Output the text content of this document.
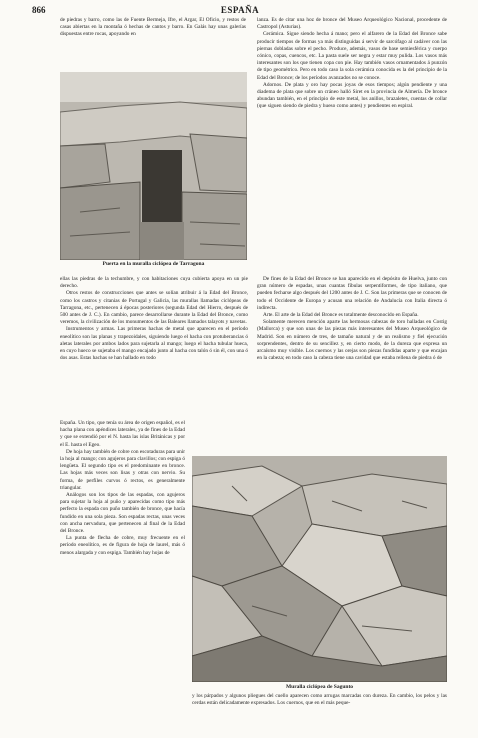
866	ESPAÑA

de piedras y barro, como las de Fuente Bermeja, Ifre, el Argar, El Oficio, y restos de casas abiertas en la montaña ó hechas de cantos y barro. En Galás hay unas galerías dispuestas entre rocas, apoyando en

Puerta en la muralla ciclópea de Tarragona

lanza. Es de citar una hoz de bronce del Museo Arqueológico Nacional, procedente de Castropol (Asturias).

Cerámica. Sigue siendo hecha á mano; pero el alfarero de la Edad del Bronce sabe producir tiempos de formas ya más distinguidas á servir de sarcófago al cadáver con las piernas dobladas sobre el pecho. Produce, además, vasos de base semiesférica y cuerpo cónico, copas, cuencos, etc. La pasta suele ser negra y estar muy pulida. Los vasos más interesantes son los que tienen copa con pie. Hay también vasos ornamentados á punzón de tipo geométrico. Pero en todo caso la sola cerámica conocida es la del principio de la Edad del Bronce; de los períodos avanzados no se conoce.

Adornos. De plata y oro hay pocas joyas de esos tiempos; algún pendiente y una diadema de plata que sobre un cráneo halló Siret en la provincia de Almería. De bronce abundan también, en el principio de este metal, los anillos, brazaletes, cuentas de collar (que siguen siendo de piedra y hueso como antes) y pendientes en espiral.

ellas las piedras de la techumbre, y con habitaciones cuya cubierta apoya en un pie derecho.

Otros restos de construcciones que antes se solían atribuir á la Edad del Bronce, como los castros y citanias de Portugal y Galicia, las murallas llamadas ciclópeas de Tarragona, etc., pertenecen á épocas posteriores (segunda Edad del Hierro, después de 500 antes de J. C.). En cambio, parece desarrollarse durante la Edad del Bronce, como veremos, la civilización de los monumentos de las Baleares llamados talayots y navetas.

Instrumentos y armas. Las primeras hachas de metal que aparecen en el período eneolítico son las planas y trapezoidales, siguiendo luego el hacha con protuberancias ó aletas laterales por ambos lados para sujetarla al mango; luego el hacha tubular hueca, en cuyo hueco se sujetaba el mango encajado junto al hacha con talón ó sin él, con una ó dos asas. Estas hachas se han hallado en todo

De fines de la Edad del Bronce se han aparecido en el depósito de Huelva, junto con gran número de espadas, unas cuantas fíbulas serpentiformes, de tipo italiano, que pueden fecharse algo después del 1200 antes de J. C. Son las primeras que se conocen de todo el Occidente de Europa y acusan una relación de Andalucía con Italia directa ó indirecta.

Arte. El arte de la Edad del Bronce es totalmente desconocido en España.

Solamente merecen mención aparte las hermosas cabezas de toro halladas en Costig (Mallorca) y que son unas de las piezas más interesantes del Museo Arqueológico de Madrid. Son en número de tres, de tamaño natural y de un realismo y fiel ejecución sorprendentes, dentro de su sencillez y, en cierto modo, de la dureza que expresa un arcaísmo muy visible. Los cuernos y las orejas son piezas fundidas aparte y que encajan en la cabeza; en todo caso la cabeza tiene una cavidad que estaba rellena de piedra ó de

España. Un tipo, que tenía su área de origen español, es el hacha plana con apéndices laterales, ya de fines de la Edad y que se extendió por el N. hasta las islas Británicas y por el E. hasta el Egeo.

De hoja hay también de cobre con escotaduras para unir la hoja al mango; con agujeros para clavillos; con espiga ó lengüeta. El segundo tipo es el predominante en bronce. Las hojas más veces son lisas y otras con nervio. Su forma, de perfiles curvos ó rectos, es generalmente triangular.

Análogos son los tipos de las espadas, con agujeros para sujetar la hoja al puño y aparecidas como tipo más perfecto la espada con puño también de bronce, que hacía fundido en una sola pieza. Son espadas rectas, unas veces con ancha nervadura, que pertenecen al final de la Edad del Bronce.

La punta de flecha de cobre, muy frecuente en el período eneolítico, es de figura de hoja de laurel, más ó menos alargada y con espiga. También hay hojas de

Muralla ciclópea de Sagunto

y los párpados y algunos pliegues del cuello aparecen como arrugas marcadas con dureza. En cambio, los pelos y las cerdas están delicadamente expresados. Los cuernos, que en el más peque-
